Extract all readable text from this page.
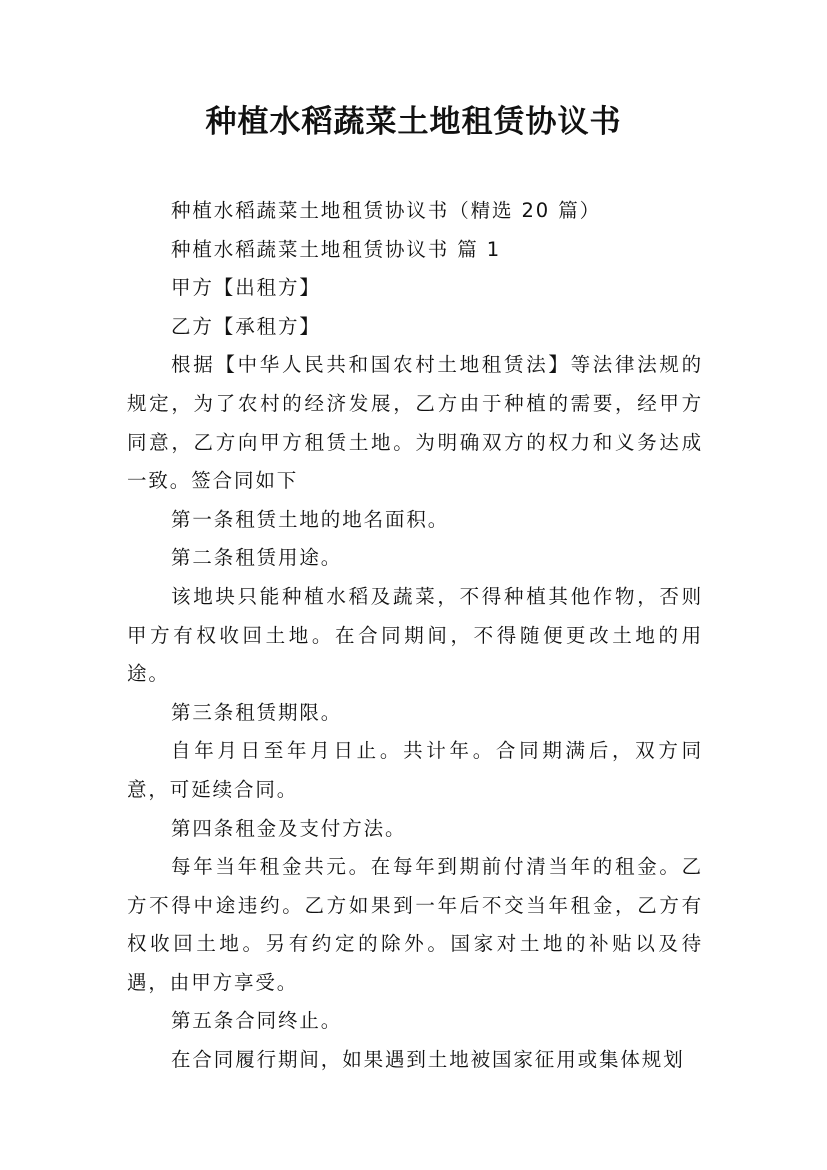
种植水稻蔬菜土地租赁协议书

种植水稻蔬菜土地租赁协议书（精选 20 篇）

种植水稻蔬菜土地租赁协议书 篇 1

甲方【出租方】

乙方【承租方】

根据【中华人民共和国农村土地租赁法】等法律法规的规定，为了农村的经济发展，乙方由于种植的需要，经甲方同意，乙方向甲方租赁土地。为明确双方的权力和义务达成一致。签合同如下

第一条租赁土地的地名面积。

第二条租赁用途。

该地块只能种植水稻及蔬菜，不得种植其他作物，否则甲方有权收回土地。在合同期间，不得随便更改土地的用途。

第三条租赁期限。

自年月日至年月日止。共计年。合同期满后，双方同意，可延续合同。

第四条租金及支付方法。

每年当年租金共元。在每年到期前付清当年的租金。乙方不得中途违约。乙方如果到一年后不交当年租金，乙方有权收回土地。另有约定的除外。国家对土地的补贴以及待遇，由甲方享受。

第五条合同终止。

在合同履行期间，如果遇到土地被国家征用或集体规划
